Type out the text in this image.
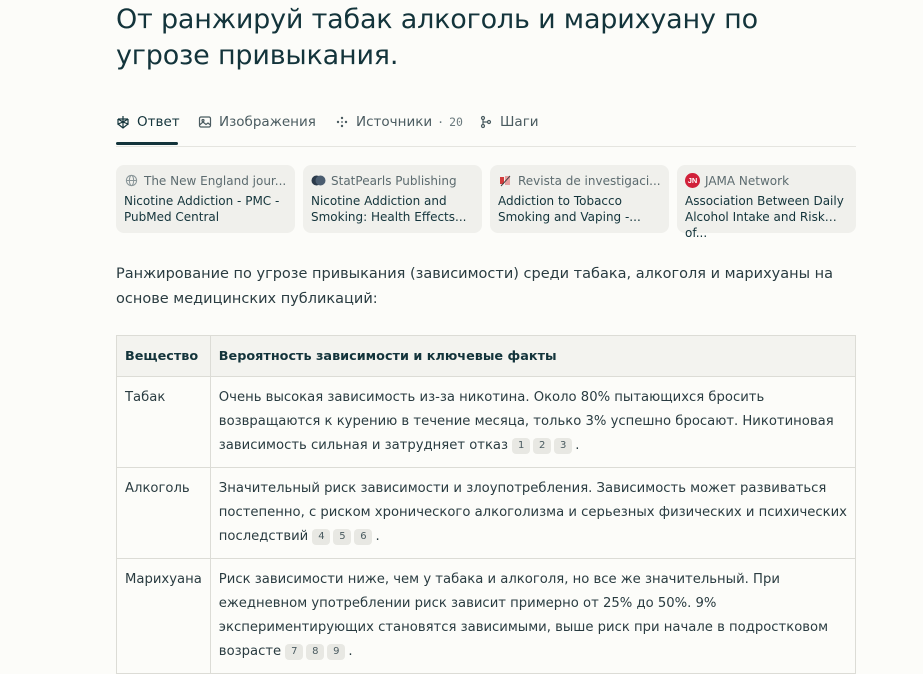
От ранжируй табак алкоголь и марихуану по угрозе привыкания.
Ответ	Изображения	Источники · 20	Шаги
The New England jour...
Nicotine Addiction - PMC - PubMed Central
StatPearls Publishing
Nicotine Addiction and Smoking: Health Effects...
Revista de investigaci...
Addiction to Tobacco Smoking and Vaping -...
JN JAMA Network
Association Between Daily Alcohol Intake and Risk of...

Ранжирование по угрозе привыкания (зависимости) среди табака, алкоголя и марихуаны на основе медицинских публикаций:

Вещество	Вероятность зависимости и ключевые факты
Табак	Очень высокая зависимость из-за никотина. Около 80% пытающихся бросить возвращаются к курению в течение месяца, только 3% успешно бросают. Никотиновая зависимость сильная и затрудняет отказ 1 2 3 .
Алкоголь	Значительный риск зависимости и злоупотребления. Зависимость может развиваться постепенно, с риском хронического алкоголизма и серьезных физических и психических последствий 4 5 6 .
Марихуана	Риск зависимости ниже, чем у табака и алкоголя, но все же значительный. При ежедневном употреблении риск зависит примерно от 25% до 50%. 9% экспериментирующих становятся зависимыми, выше риск при начале в подростковом возрасте 7 8 9 .
